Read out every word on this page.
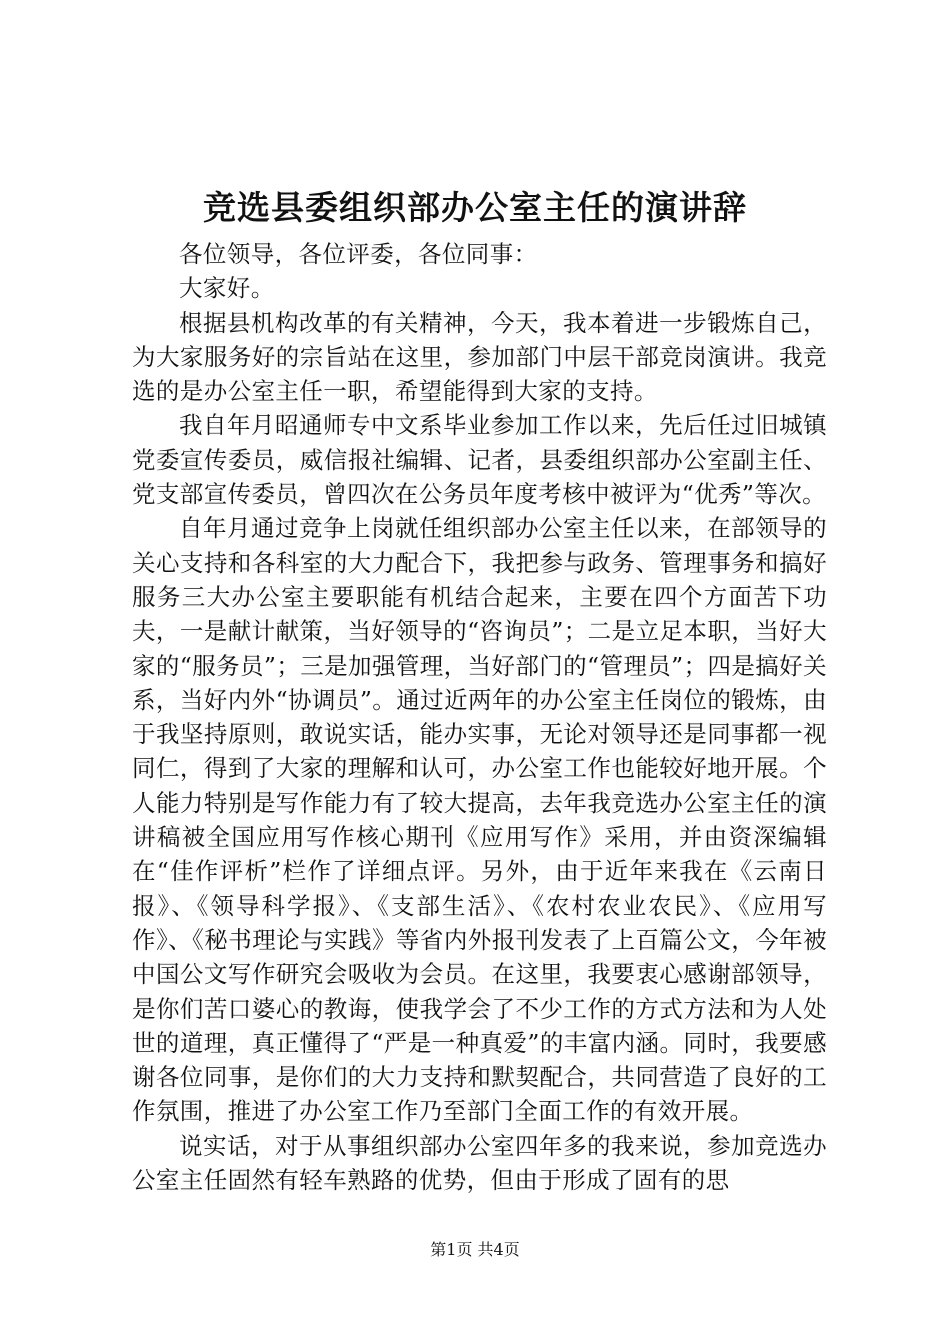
竞选县委组织部办公室主任的演讲辞

各位领导，各位评委，各位同事：

大家好。

根据县机构改革的有关精神，今天，我本着进一步锻炼自己，为大家服务好的宗旨站在这里，参加部门中层干部竞岗演讲。我竞选的是办公室主任一职，希望能得到大家的支持。

我自年月昭通师专中文系毕业参加工作以来，先后任过旧城镇党委宣传委员，威信报社编辑、记者，县委组织部办公室副主任、党支部宣传委员，曾四次在公务员年度考核中被评为“优秀”等次。

自年月通过竞争上岗就任组织部办公室主任以来，在部领导的关心支持和各科室的大力配合下，我把参与政务、管理事务和搞好服务三大办公室主要职能有机结合起来，主要在四个方面苦下功夫，一是献计献策，当好领导的“咨询员”；二是立足本职，当好大家的“服务员”；三是加强管理，当好部门的“管理员”；四是搞好关系，当好内外“协调员”。通过近两年的办公室主任岗位的锻炼，由于我坚持原则，敢说实话，能办实事，无论对领导还是同事都一视同仁，得到了大家的理解和认可，办公室工作也能较好地开展。个人能力特别是写作能力有了较大提高，去年我竞选办公室主任的演讲稿被全国应用写作核心期刊《应用写作》采用，并由资深编辑在“佳作评析”栏作了详细点评。另外，由于近年来我在《云南日报》、《领导科学报》、《支部生活》、《农村农业农民》、《应用写作》、《秘书理论与实践》等省内外报刊发表了上百篇公文，今年被中国公文写作研究会吸收为会员。在这里，我要衷心感谢部领导，是你们苦口婆心的教诲，使我学会了不少工作的方式方法和为人处世的道理，真正懂得了“严是一种真爱”的丰富内涵。同时，我要感谢各位同事，是你们的大力支持和默契配合，共同营造了良好的工作氛围，推进了办公室工作乃至部门全面工作的有效开展。

说实话，对于从事组织部办公室四年多的我来说，参加竞选办公室主任固然有轻车熟路的优势，但由于形成了固有的思

第1页 共4页
